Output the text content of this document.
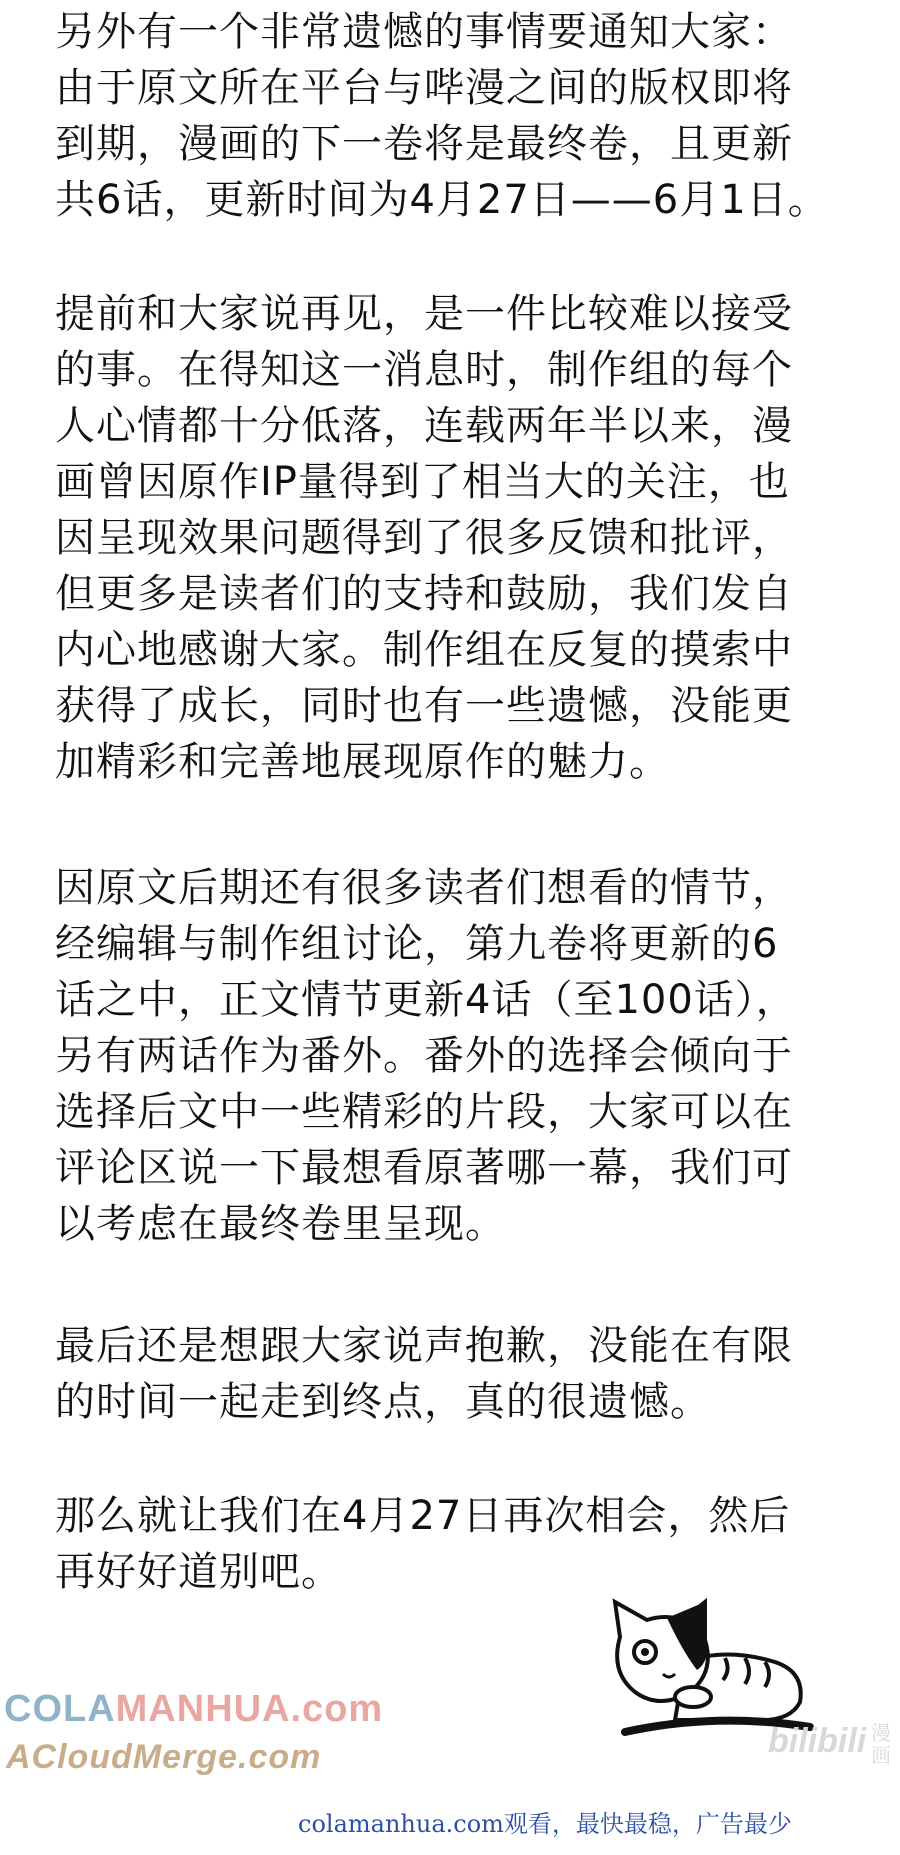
另外有一个非常遗憾的事情要通知大家：
由于原文所在平台与哔漫之间的版权即将
到期，漫画的下一卷将是最终卷，且更新
共6话，更新时间为4月27日——6月1日。
提前和大家说再见，是一件比较难以接受
的事。在得知这一消息时，制作组的每个
人心情都十分低落，连载两年半以来，漫
画曾因原作IP量得到了相当大的关注，也
因呈现效果问题得到了很多反馈和批评，
但更多是读者们的支持和鼓励，我们发自
内心地感谢大家。制作组在反复的摸索中
获得了成长，同时也有一些遗憾，没能更
加精彩和完善地展现原作的魅力。
因原文后期还有很多读者们想看的情节，
经编辑与制作组讨论，第九卷将更新的6
话之中，正文情节更新4话（至100话），
另有两话作为番外。番外的选择会倾向于
选择后文中一些精彩的片段，大家可以在
评论区说一下最想看原著哪一幕，我们可
以考虑在最终卷里呈现。
最后还是想跟大家说声抱歉，没能在有限
的时间一起走到终点，真的很遗憾。
那么就让我们在4月27日再次相会，然后
再好好道别吧。
COLAMANHUA.com
ACloudMerge.com	bilibili 漫画
colamanhua.com观看，最快最稳，广告最少
